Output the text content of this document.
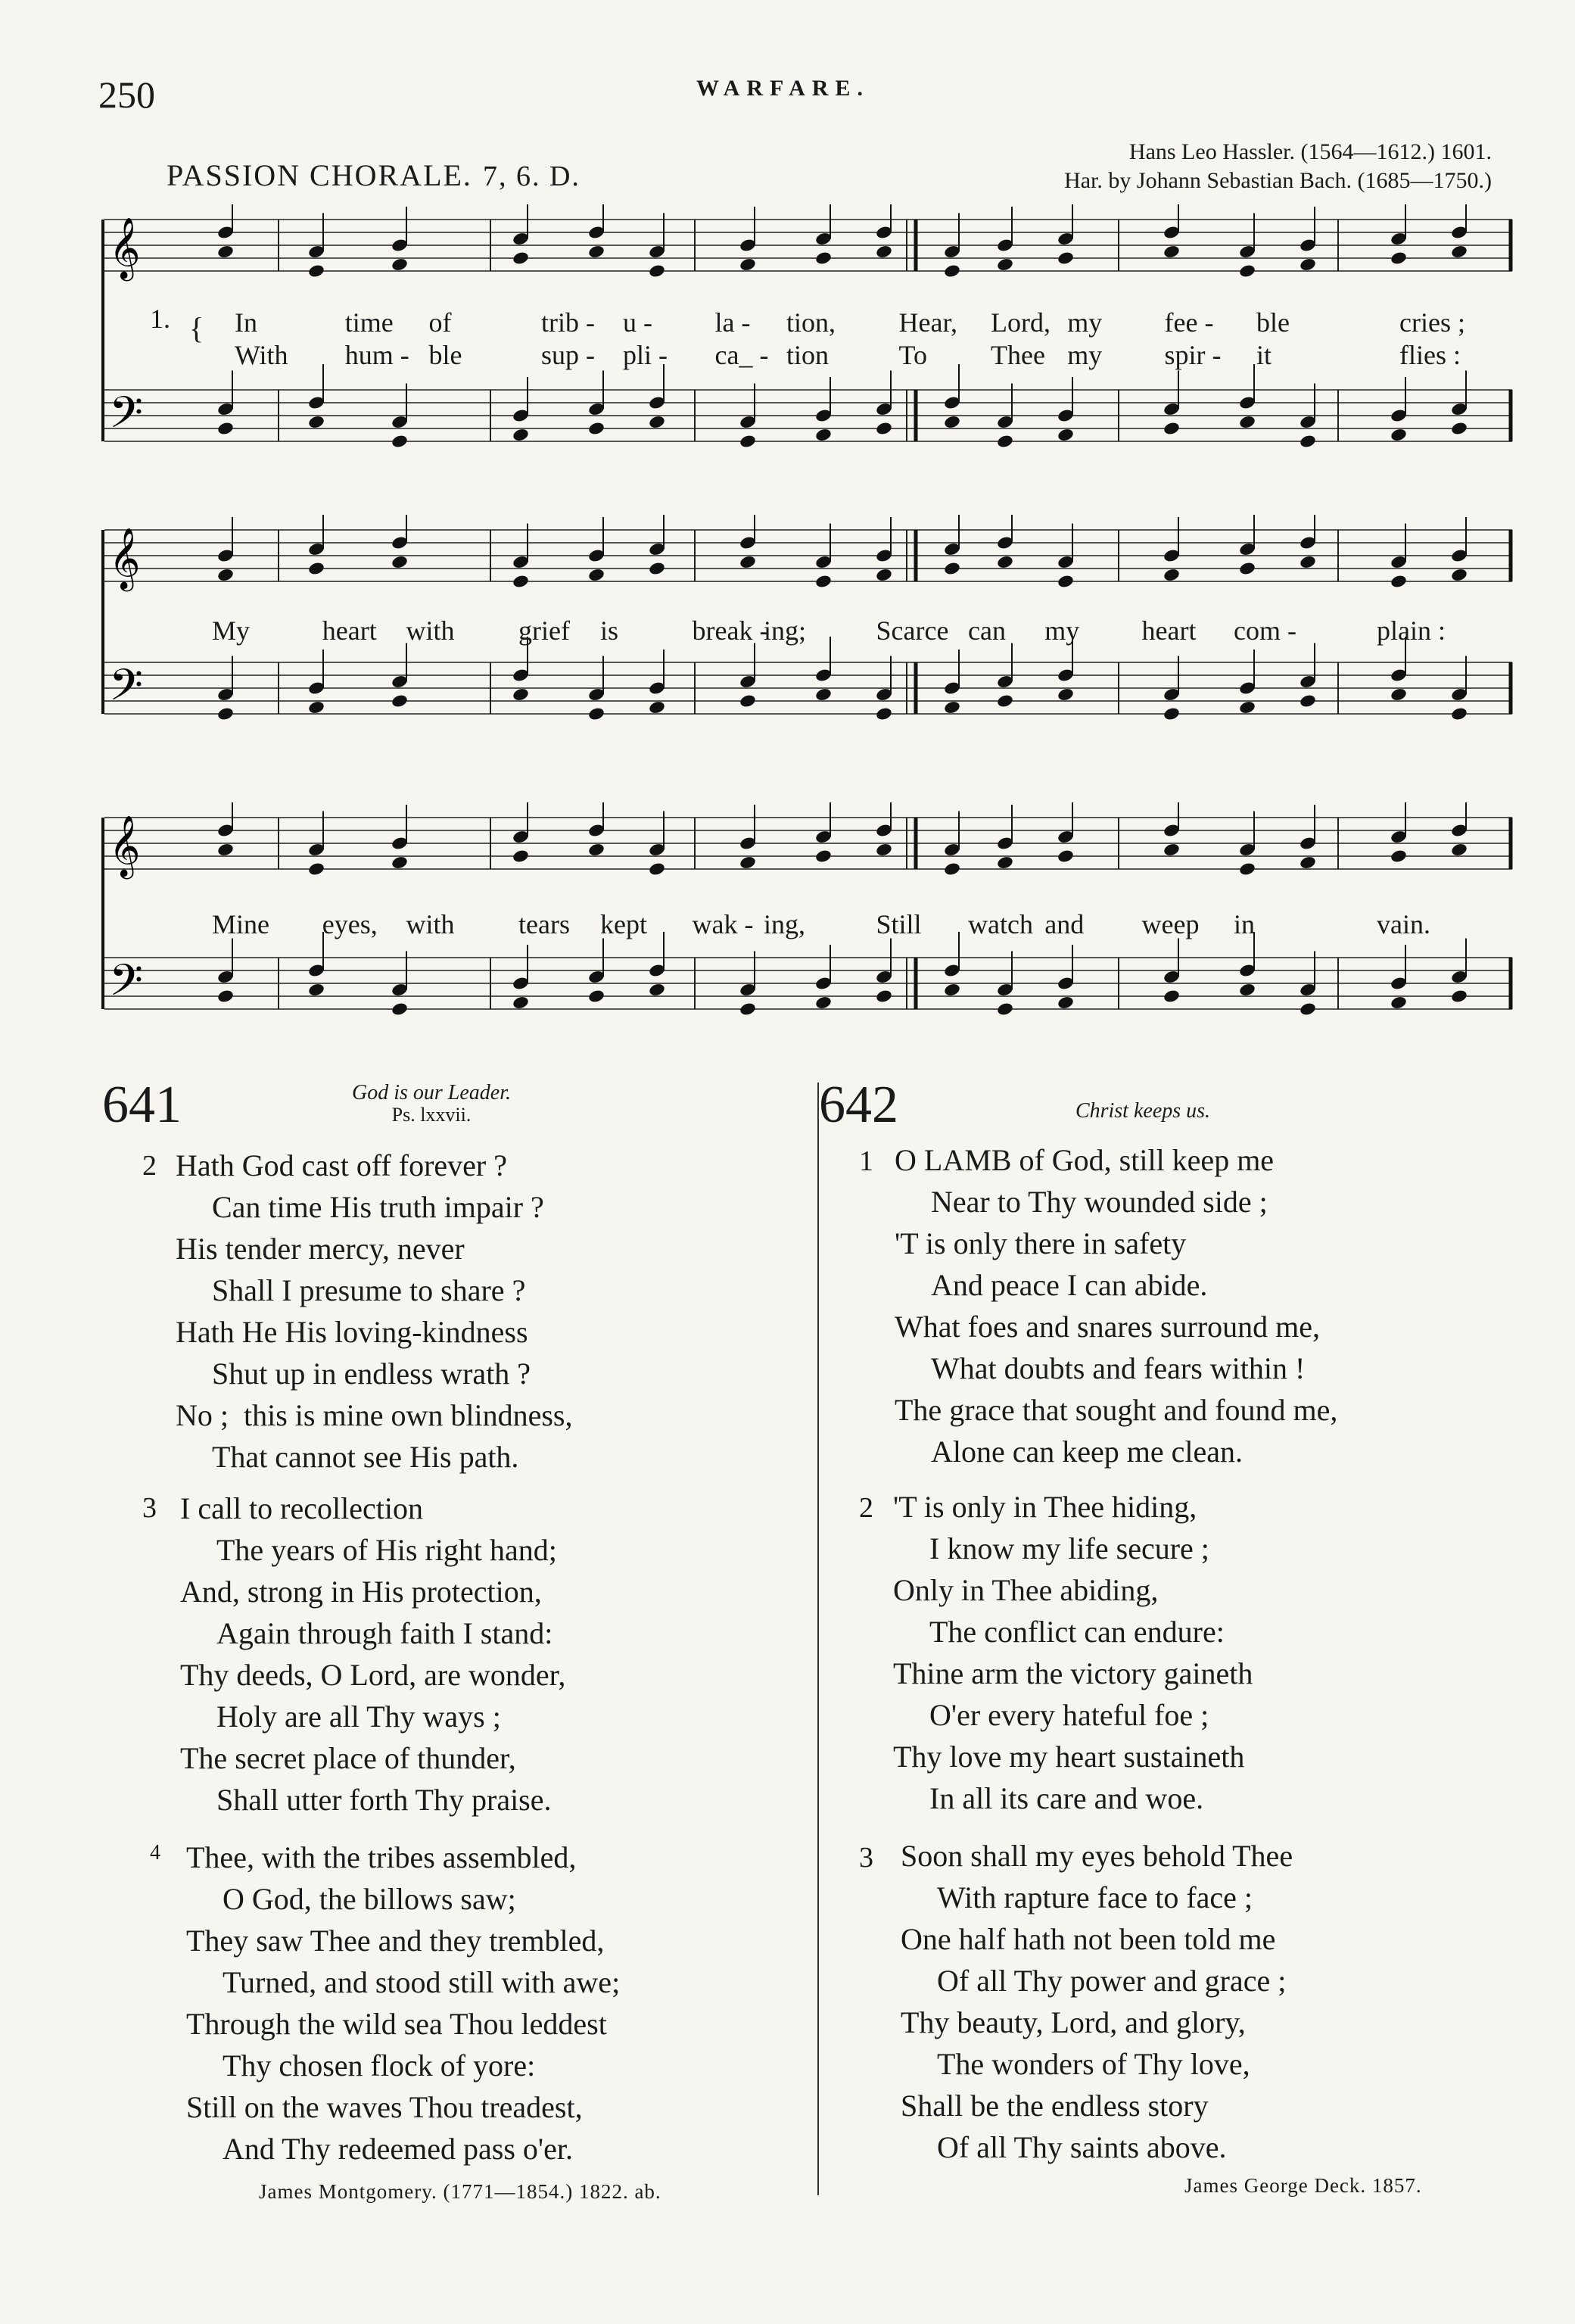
250	WARFARE.
PASSION CHORALE. 7, 6. D.
Hans Leo Hassler. (1564—1612.) 1601.
Har. by Johann Sebastian Bach. (1685—1750.)
𝄞
𝄢
1. { In	time of	trib - u - la - tion, Hear, Lord, my fee - ble	cries ;
With hum - ble	sup - pli - ca_ - tion	To Thee my spir - it	flies :
𝄞
𝄢
My	heart with grief is	break -
ing;	Scarce can my heart com -	plain :
𝄞
𝄢
Mine eyes, with tears kept wak - ing,	Still watch and weep in	vain.
641	God is our Leader.
Ps. lxxvii.
2 Hath God cast off forever ?
Can time His truth impair ?
His tender mercy, never
Shall I presume to share ?
Hath He His loving-kindness
Shut up in endless wrath ?
No ;  this is mine own blindness,
That cannot see His path.
3 I call to recollection
The years of His right hand;
And, strong in His protection,
Again through faith I stand:
Thy deeds, O Lord, are wonder,
Holy are all Thy ways ;
The secret place of thunder,
Shall utter forth Thy praise.
4 Thee, with the tribes assembled,
O God, the billows saw;
They saw Thee and they trembled,
Turned, and stood still with awe;
Through the wild sea Thou leddest
Thy chosen flock of yore:
Still on the waves Thou treadest,
And Thy redeemed pass o'er.
James Montgomery. (1771—1854.) 1822. ab.
642	Christ keeps us.
1 O LAMB of God, still keep me
Near to Thy wounded side ;
'T is only there in safety
And peace I can abide.
What foes and snares surround me,
What doubts and fears within !
The grace that sought and found me,
Alone can keep me clean.
2 'T is only in Thee hiding,
I know my life secure ;
Only in Thee abiding,
The conflict can endure:
Thine arm the victory gaineth
O'er every hateful foe ;
Thy love my heart sustaineth
In all its care and woe.
3 Soon shall my eyes behold Thee
With rapture face to face ;
One half hath not been told me
Of all Thy power and grace ;
Thy beauty, Lord, and glory,
The wonders of Thy love,
Shall be the endless story
Of all Thy saints above.
James George Deck. 1857.
